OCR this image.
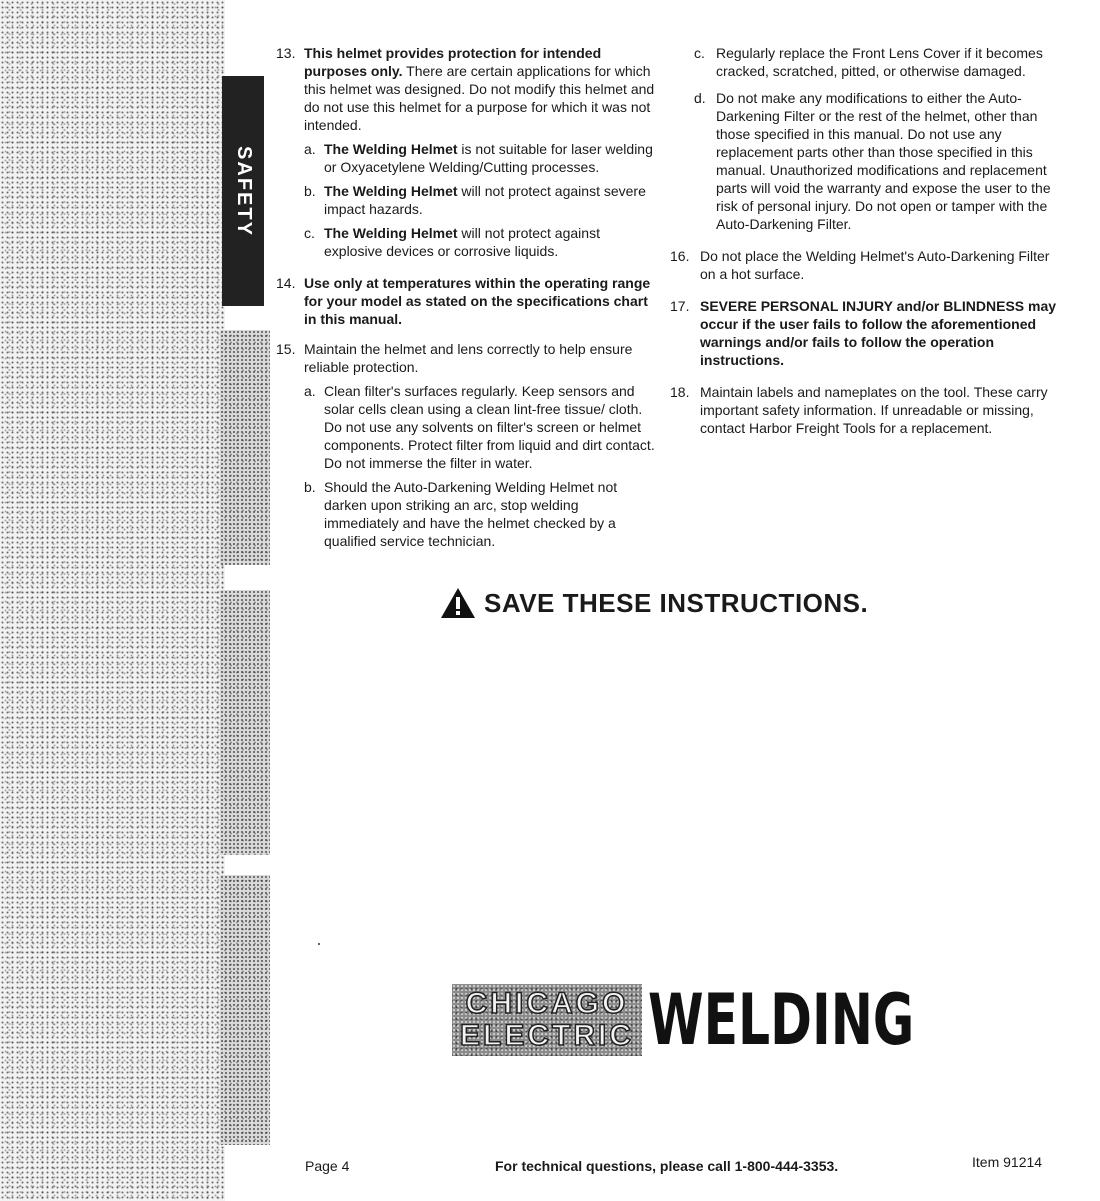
SAFETY
13. This helmet provides protection for intended purposes only. There are certain applications for which this helmet was designed. Do not modify this helmet and do not use this helmet for a purpose for which it was not intended.
a. The Welding Helmet is not suitable for laser welding or Oxyacetylene Welding/Cutting processes.
b. The Welding Helmet will not protect against severe impact hazards.
c. The Welding Helmet will not protect against explosive devices or corrosive liquids.
14. Use only at temperatures within the operating range for your model as stated on the specifications chart in this manual.
15. Maintain the helmet and lens correctly to help ensure reliable protection.
a. Clean filter's surfaces regularly. Keep sensors and solar cells clean using a clean lint-free tissue/ cloth. Do not use any solvents on filter's screen or helmet components. Protect filter from liquid and dirt contact. Do not immerse the filter in water.
b. Should the Auto-Darkening Welding Helmet not darken upon striking an arc, stop welding immediately and have the helmet checked by a qualified service technician.
c. Regularly replace the Front Lens Cover if it becomes cracked, scratched, pitted, or otherwise damaged.
d. Do not make any modifications to either the Auto-Darkening Filter or the rest of the helmet, other than those specified in this manual. Do not use any replacement parts other than those specified in this manual. Unauthorized modifications and replacement parts will void the warranty and expose the user to the risk of personal injury. Do not open or tamper with the Auto-Darkening Filter.
16. Do not place the Welding Helmet's Auto-Darkening Filter on a hot surface.
17. SEVERE PERSONAL INJURY and/or BLINDNESS may occur if the user fails to follow the aforementioned warnings and/or fails to follow the operation instructions.
18. Maintain labels and nameplates on the tool. These carry important safety information. If unreadable or missing, contact Harbor Freight Tools for a replacement.
SAVE THESE INSTRUCTIONS.
CHICAGO
ELECTRIC WELDING
Page 4	For technical questions, please call 1-800-444-3353.	Item 91214
